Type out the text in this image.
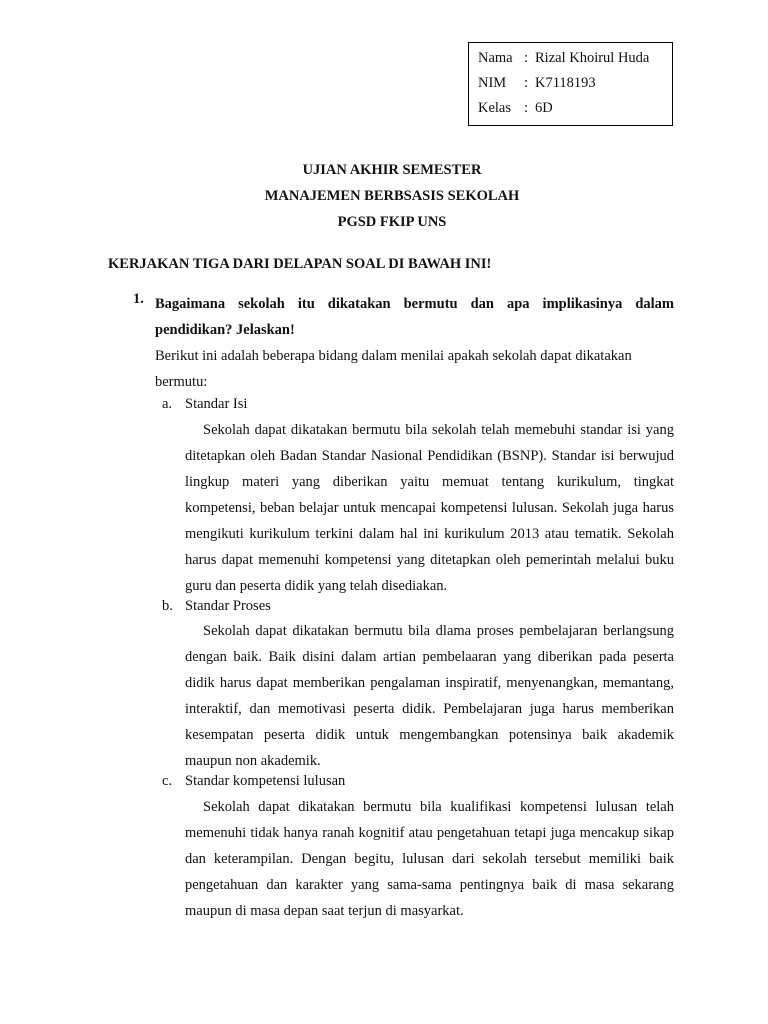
Nama : Rizal Khoirul Huda
NIM : K7118193
Kelas : 6D
UJIAN AKHIR SEMESTER
MANAJEMEN BERBSASIS SEKOLAH
PGSD FKIP UNS
KERJAKAN TIGA DARI DELAPAN SOAL DI BAWAH INI!
1. Bagaimana sekolah itu dikatakan bermutu dan apa implikasinya dalam pendidikan? Jelaskan!
Berikut ini adalah beberapa bidang dalam menilai apakah sekolah dapat dikatakan bermutu:
a. Standar Isi
Sekolah dapat dikatakan bermutu bila sekolah telah memebuhi standar isi yang ditetapkan oleh Badan Standar Nasional Pendidikan (BSNP). Standar isi berwujud lingkup materi yang diberikan yaitu memuat tentang kurikulum, tingkat kompetensi, beban belajar untuk mencapai kompetensi lulusan. Sekolah juga harus mengikuti kurikulum terkini dalam hal ini kurikulum 2013 atau tematik. Sekolah harus dapat memenuhi kompetensi yang ditetapkan oleh pemerintah melalui buku guru dan peserta didik yang telah disediakan.
b. Standar Proses
Sekolah dapat dikatakan bermutu bila dlama proses pembelajaran berlangsung dengan baik. Baik disini dalam artian pembelaaran yang diberikan pada peserta didik harus dapat memberikan pengalaman inspiratif, menyenangkan, memantang, interaktif, dan memotivasi peserta didik. Pembelajaran juga harus memberikan kesempatan peserta didik untuk mengembangkan potensinya baik akademik maupun non akademik.
c. Standar kompetensi lulusan
Sekolah dapat dikatakan bermutu bila kualifikasi kompetensi lulusan telah memenuhi tidak hanya ranah kognitif atau pengetahuan tetapi juga mencakup sikap dan keterampilan. Dengan begitu, lulusan dari sekolah tersebut memiliki baik pengetahuan dan karakter yang sama-sama pentingnya baik di masa sekarang maupun di masa depan saat terjun di masyarkat.
